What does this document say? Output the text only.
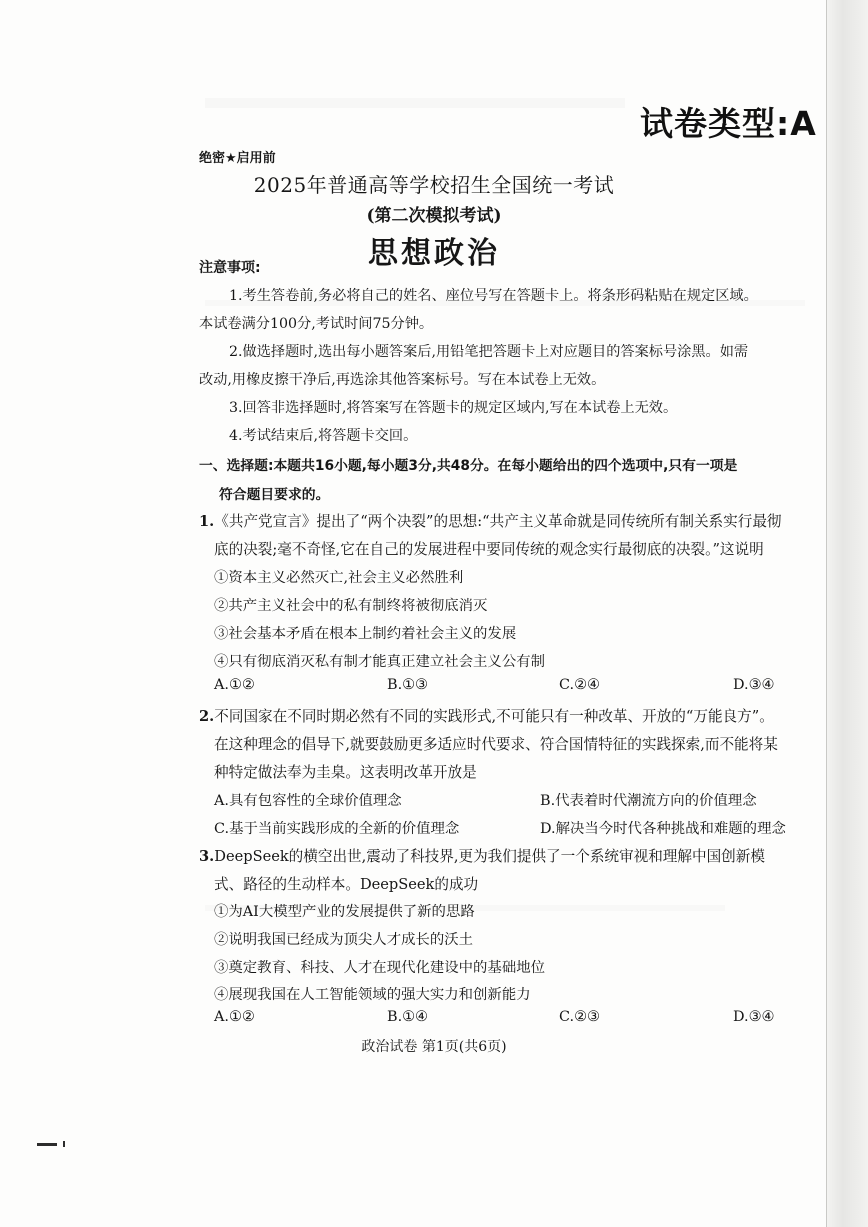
试卷类型:A
绝密★启用前
2025年普通高等学校招生全国统一考试
(第二次模拟考试)
思想政治
注意事项:
1.考生答卷前,务必将自己的姓名、座位号写在答题卡上。将条形码粘贴在规定区域。
本试卷满分100分,考试时间75分钟。
2.做选择题时,选出每小题答案后,用铅笔把答题卡上对应题目的答案标号涂黑。如需
改动,用橡皮擦干净后,再选涂其他答案标号。写在本试卷上无效。
3.回答非选择题时,将答案写在答题卡的规定区域内,写在本试卷上无效。
4.考试结束后,将答题卡交回。
一、选择题:本题共16小题,每小题3分,共48分。在每小题给出的四个选项中,只有一项是
符合题目要求的。
1.《共产党宣言》提出了“两个决裂”的思想:“共产主义革命就是同传统所有制关系实行最彻
底的决裂;毫不奇怪,它在自己的发展进程中要同传统的观念实行最彻底的决裂。”这说明
①资本主义必然灭亡,社会主义必然胜利
②共产主义社会中的私有制终将被彻底消灭
③社会基本矛盾在根本上制约着社会主义的发展
④只有彻底消灭私有制才能真正建立社会主义公有制
A.①②	B.①③	C.②④	D.③④
2.不同国家在不同时期必然有不同的实践形式,不可能只有一种改革、开放的“万能良方”。
在这种理念的倡导下,就要鼓励更多适应时代要求、符合国情特征的实践探索,而不能将某
种特定做法奉为圭臬。这表明改革开放是
A.具有包容性的全球价值理念	B.代表着时代潮流方向的价值理念
C.基于当前实践形成的全新的价值理念	D.解决当今时代各种挑战和难题的理念
3.DeepSeek的横空出世,震动了科技界,更为我们提供了一个系统审视和理解中国创新模
式、路径的生动样本。DeepSeek的成功
①为AI大模型产业的发展提供了新的思路
②说明我国已经成为顶尖人才成长的沃土
③奠定教育、科技、人才在现代化建设中的基础地位
④展现我国在人工智能领域的强大实力和创新能力
A.①②	B.①④	C.②③	D.③④
政治试卷 第1页(共6页)
